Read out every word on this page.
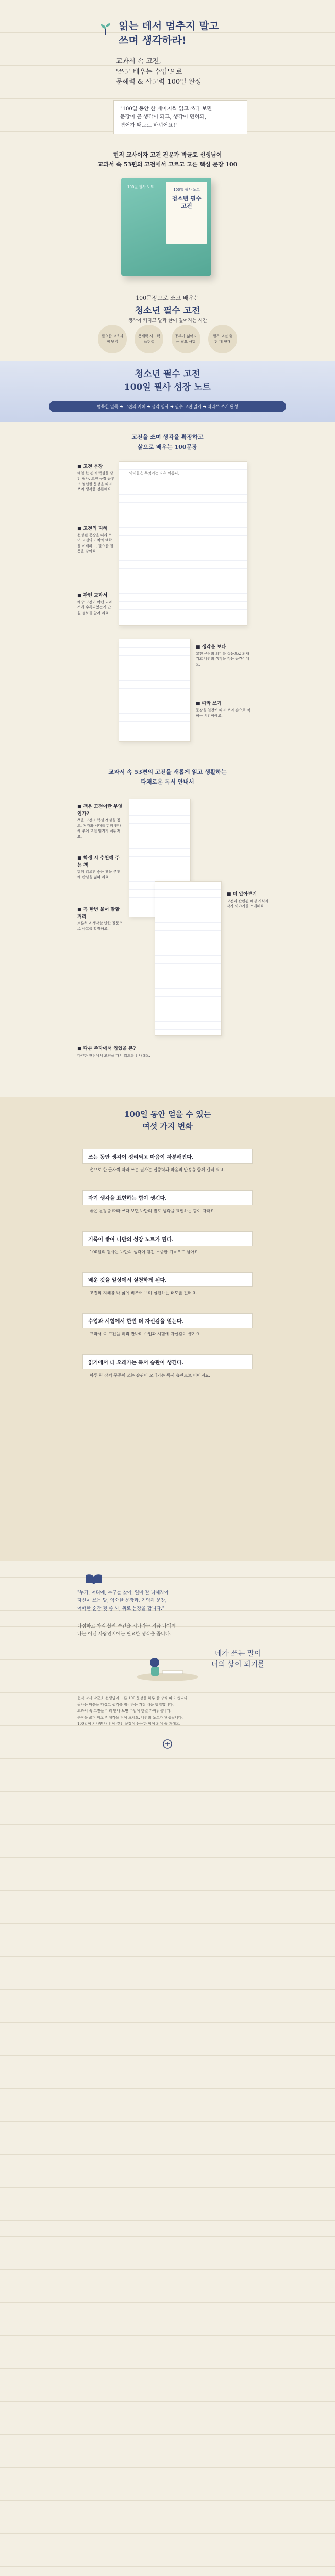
읽는 데서 멈추지 말고
쓰며 생각하라!
교과서 속 고전,
'쓰고 배우는 수업'으로
문해력 & 사고력 100일 완성
"100일 동안 한 페이지씩 읽고 쓰다 보면
문장이 곧 생각이 되고, 생각이 면허되,
면어가 태도로 바뀌어요!"
현직 교사이자 고전 전문가 박균호 선생님이
교과서 속 53편의 고전에서 고르고 고른 핵심 문장 100
100일 필사 노트
100일 필사 노트
청소년 필수 고전
100문장으로 쓰고 배우는
청소년 필수 고전
생각이 커지고 말과 글이 깊어지는 시간
필요한 교육과정 반영
문해력 사고력 표현력
공부가 넓어지는 필요 사항
필독 고전 출판 배 현대
청소년 필수 고전
100일 필사 성장 노트
맹목한 일독 ➔ 고전의 지혜 ➔ 생각 필사 ➔ 필수 고전 읽기 ➔ 따라쓰 쓰기 완성
고전을 쓰며 생각을 확장하고
삶으로 배우는 100문장
아이들은 무엇이는 자유 이름다,
■ 고전 문장
매일 한 편의 핵심을 담긴 필사, 고전 문장 끝부터 엄선한 문장을 따라 쓰며 생각을 정돈해요.
■ 고전의 지혜
선정된 문장을 따라 쓰며 고전의 가치와 맥락을 이해하고, 필요한 질문을 담아요.
■ 관련 교과서
해당 고전이 어떤 교과서에 수록되었는지 단원 정보를 알려 줘요.
■ 생각을 보다
고전 문장의 의미를 질문으로 되새기고 나만의 생각을 적는 공간이에요.
■ 따라 쓰기
문장을 천천히 따라 쓰며 손으로 익히는 시간이에요.
교과서 속 53편의 고전을 새롭게 읽고 생활하는
다채로운 독서 안내서
■ 책은 고전이란 무엇인가?
책을 고전의 핵심 쟁점을 짚고, 저자와 시대를 함께 안내해 주어 고전 읽기가 쉬워져요.
■ 학생 시 추천해 주는 책
함께 읽으면 좋은 책을 추천해 관심을 넓혀 줘요.
■ 꼭 한번 물어 말할 거리
토론하고 생각할 만한 질문으로 사고를 확장해요.
■ 더 알아보기
고전과 관련된 배경 지식과 작가 이야기를 소개해요.
■ 다른 주자에서 입었을 본?
다양한 관점에서 고전을 다시 읽도록 안내해요.
100일 동안 얻을 수 있는
여섯 가지 변화
쓰는 동안 생각이 정리되고 마음이 차분해진다.
손으로 한 글자씩 따라 쓰는 필사는 집중력과 마음의 안정을 함께 길러 줘요.
자기 생각을 표현하는 힘이 생긴다.
좋은 문장을 따라 쓰다 보면 나만의 말로 생각을 표현하는 힘이 자라요.
기록이 쌓여 나만의 성장 노트가 된다.
100일의 필사는 나만의 생각이 담긴 소중한 기록으로 남아요.
배운 것을 일상에서 실천하게 된다.
고전의 지혜를 내 삶에 비추어 보며 실천하는 태도를 길러요.
수업과 시험에서 한번 더 자신감을 얻는다.
교과서 속 고전을 미리 만나며 수업과 시험에 자신감이 생겨요.
읽기에서 더 오래가는 독서 습관이 생긴다.
하루 한 장씩 꾸준히 쓰는 습관이 오래가는 독서 습관으로 이어져요.
"누가, 어디에, 누구를 찾아, 얼마 잘 나세자아
자신이 쓰는 말, 익숙한 문장과, 기억하 문장,
어떠한 순간 뒷 좀 사, 위로 문장을 합니다."
다정하고 아직 불안 순간을 지나가는 지금 나에게
나는 어떤 사람인지에는 필요한 생각을 줍니다.
네가 쓰는 말이
너의 삶이 되기를
현직 교사 박균호 선생님이 고른 100 문장을 하루 한 장씩 따라 씁니다.
필사는 마음을 다잡고 생각을 정돈하는 가장 쉬운 방법입니다.
교과서 속 고전을 미리 만나 보면 수업이 한결 가까워집니다.
문장을 쓰며 떠오른 생각을 적어 보세요. 나만의 노트가 완성됩니다.
100일이 지나면 내 안에 쌓인 문장이 든든한 힘이 되어 줄 거예요.
